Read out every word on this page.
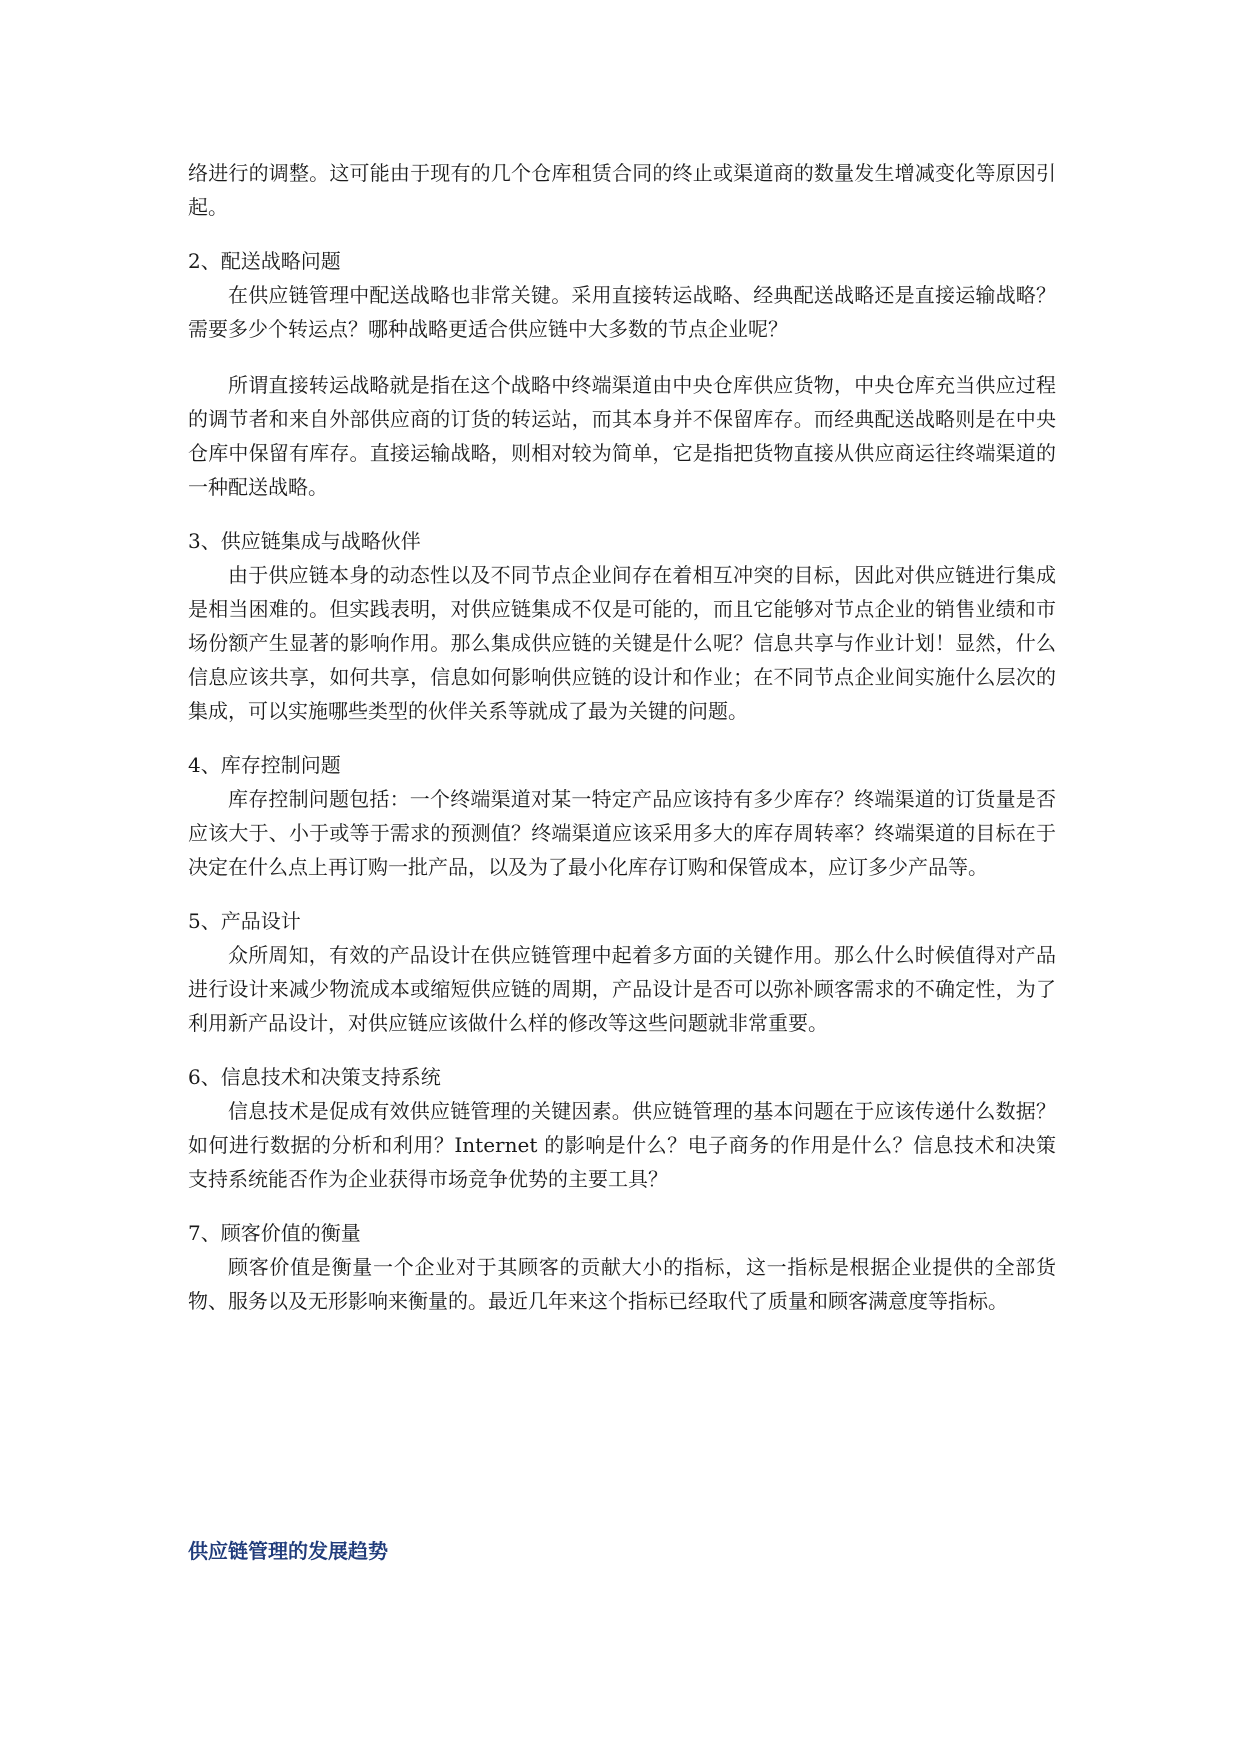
络进行的调整。这可能由于现有的几个仓库租赁合同的终止或渠道商的数量发生增减变化等原因引起。

2、配送战略问题

在供应链管理中配送战略也非常关键。采用直接转运战略、经典配送战略还是直接运输战略？需要多少个转运点？哪种战略更适合供应链中大多数的节点企业呢？

所谓直接转运战略就是指在这个战略中终端渠道由中央仓库供应货物，中央仓库充当供应过程的调节者和来自外部供应商的订货的转运站，而其本身并不保留库存。而经典配送战略则是在中央仓库中保留有库存。直接运输战略，则相对较为简单，它是指把货物直接从供应商运往终端渠道的一种配送战略。

3、供应链集成与战略伙伴

由于供应链本身的动态性以及不同节点企业间存在着相互冲突的目标，因此对供应链进行集成是相当困难的。但实践表明，对供应链集成不仅是可能的，而且它能够对节点企业的销售业绩和市场份额产生显著的影响作用。那么集成供应链的关键是什么呢？信息共享与作业计划！显然，什么信息应该共享，如何共享，信息如何影响供应链的设计和作业；在不同节点企业间实施什么层次的集成，可以实施哪些类型的伙伴关系等就成了最为关键的问题。

4、库存控制问题

库存控制问题包括：一个终端渠道对某一特定产品应该持有多少库存？终端渠道的订货量是否应该大于、小于或等于需求的预测值？终端渠道应该采用多大的库存周转率？终端渠道的目标在于决定在什么点上再订购一批产品，以及为了最小化库存订购和保管成本，应订多少产品等。

5、产品设计

众所周知，有效的产品设计在供应链管理中起着多方面的关键作用。那么什么时候值得对产品进行设计来减少物流成本或缩短供应链的周期，产品设计是否可以弥补顾客需求的不确定性，为了利用新产品设计，对供应链应该做什么样的修改等这些问题就非常重要。

6、信息技术和决策支持系统

信息技术是促成有效供应链管理的关键因素。供应链管理的基本问题在于应该传递什么数据？如何进行数据的分析和利用？Internet 的影响是什么？电子商务的作用是什么？信息技术和决策支持系统能否作为企业获得市场竞争优势的主要工具？

7、顾客价值的衡量

顾客价值是衡量一个企业对于其顾客的贡献大小的指标，这一指标是根据企业提供的全部货物、服务以及无形影响来衡量的。最近几年来这个指标已经取代了质量和顾客满意度等指标。

供应链管理的发展趋势
